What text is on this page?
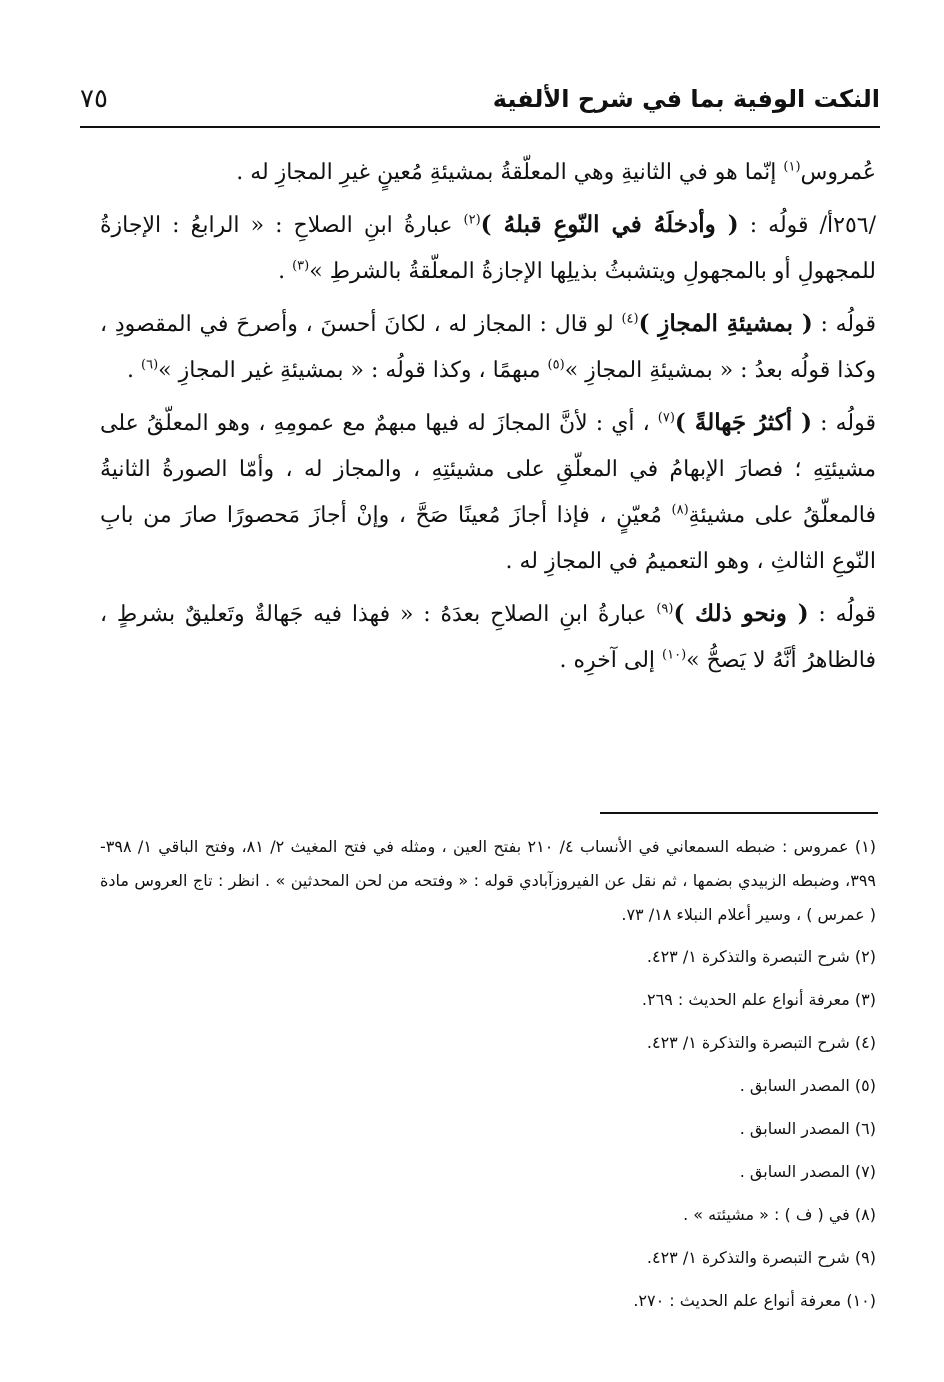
النكت الوفية بما في شرح الألفية
٧٥

عُمروس$^{(١)}$ إنّما هو في الثانيةِ وهي المعلّقةُ بمشيئةِ مُعينٍ غيرِ المجازِ له .

/٢٥٦أ/ قولُه : ( وأدخلَهُ في النّوعِ قبلهُ )$^{(٢)}$ عبارةُ ابنِ الصلاحِ : « الرابعُ : الإجازةُ للمجهولِ أو بالمجهولِ ويتشبثُ بذيلِها الإجازةُ المعلّقةُ بالشرطِ »$^{(٣)}$ .

قولُه : ( بمشيئةِ المجازِ )$^{(٤)}$ لو قال : المجاز له ، لكانَ أحسنَ ، وأصرحَ في المقصودِ ، وكذا قولُه بعدُ : « بمشيئةِ المجازِ »$^{(٥)}$ مبهمًا ، وكذا قولُه : « بمشيئةِ غير المجازِ »$^{(٦)}$ .

قولُه : ( أكثرُ جَهالةً )$^{(٧)}$ ، أي : لأنَّ المجازَ له فيها مبهمٌ مع عمومِهِ ، وهو المعلّقُ على مشيئتِهِ ؛ فصارَ الإبهامُ في المعلّقِ على مشيئتِهِ ، والمجاز له ، وأمّا الصورةُ الثانيةُ فالمعلّقُ على مشيئةِ$^{(٨)}$ مُعيّنٍ ، فإذا أجازَ مُعينًا صَحَّ ، وإنْ أجازَ مَحصورًا صارَ من بابِ النّوعِ الثالثِ ، وهو التعميمُ في المجازِ له .

قولُه : ( ونحو ذلك )$^{(٩)}$ عبارةُ ابنِ الصلاحِ بعدَهُ : « فهذا فيه جَهالةٌ وتَعليقٌ بشرطٍ ، فالظاهرُ أنَّهُ لا يَصحُّ »$^{(١٠)}$ إلى آخرِه .

(١) عمروس : ضبطه السمعاني في الأنساب ٤/ ٢١٠ بفتح العين ، ومثله في فتح المغيث ٢/ ٨١، وفتح الباقي ١/ ٣٩٨- ٣٩٩، وضبطه الزبيدي بضمها ، ثم نقل عن الفيروزآبادي قوله : « وفتحه من لحن المحدثين » . انظر : تاج العروس مادة ( عمرس ) ، وسير أعلام النبلاء ١٨/ ٧٣.

(٢) شرح التبصرة والتذكرة ١/ ٤٢٣.

(٣) معرفة أنواع علم الحديث : ٢٦٩.

(٤) شرح التبصرة والتذكرة ١/ ٤٢٣.

(٥) المصدر السابق .

(٦) المصدر السابق .

(٧) المصدر السابق .

(٨) في ( ف ) : « مشيئته » .

(٩) شرح التبصرة والتذكرة ١/ ٤٢٣.

(١٠) معرفة أنواع علم الحديث : ٢٧٠.
